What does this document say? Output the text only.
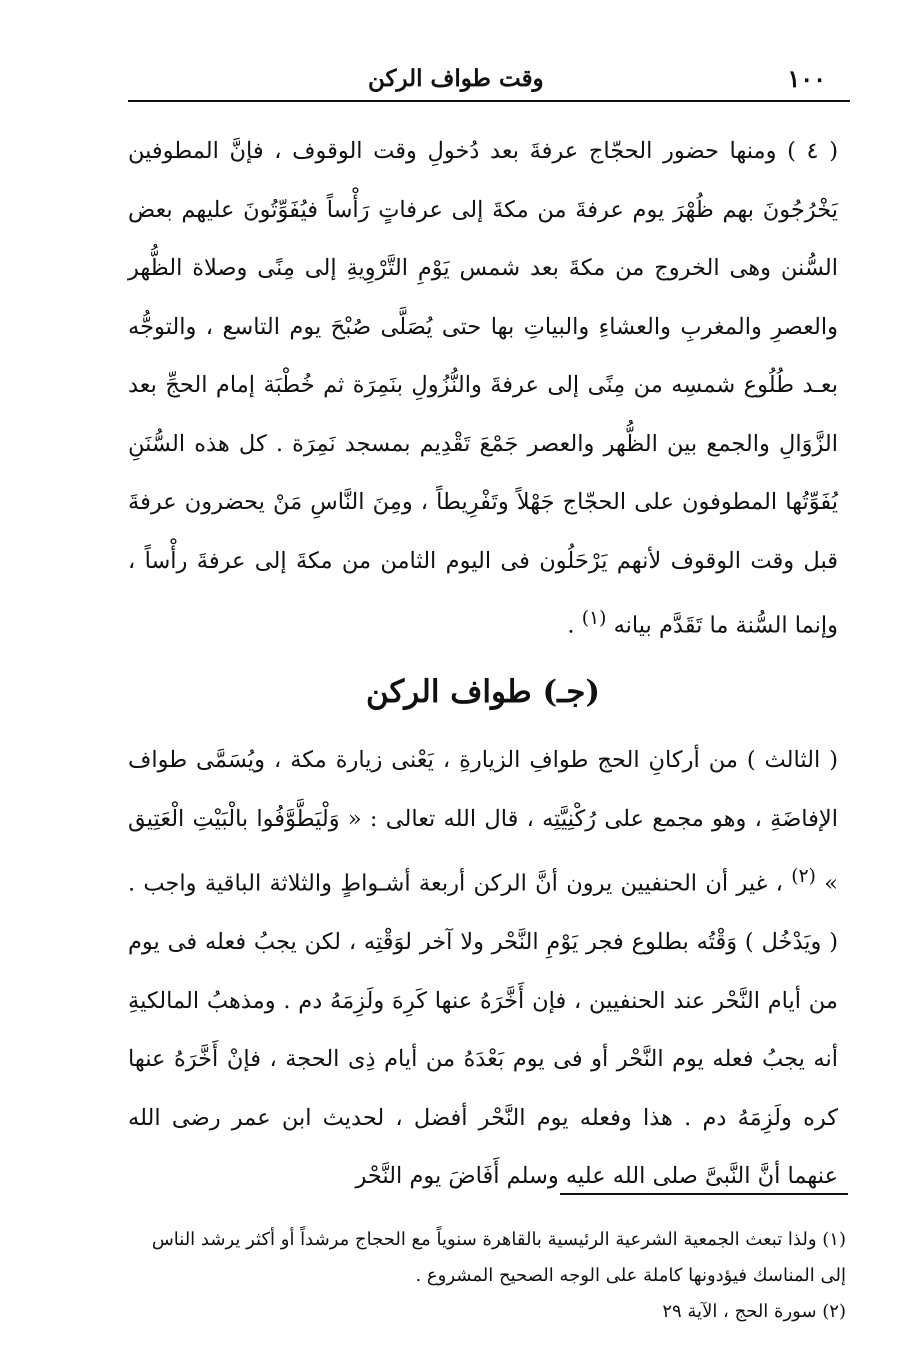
١٠٠
وقت طواف الركن

( ٤ ) ومنها حضور الحجّاج عرفةَ بعد دُخولِ وقت الوقوف ، فإنَّ المطوفين يَخْرُجُونَ بهم ظُهْرَ يوم عرفةَ من مكةَ إلى عرفاتٍ رَأْساً فيُفَوِّتُونَ عليهم بعض السُّنن وهى الخروج من مكةَ بعد شمس يَوْمِ التَّرْوِيةِ إلى مِنًى وصلاة الظُّهر والعصرِ والمغربِ والعشاءِ والبياتِ بها حتى يُصَلَّى صُبْحَ يوم التاسع ، والتوجُّه بعـد طُلُوع شمسِه من مِنًى إلى عرفةَ والنُّزُولِ بنَمِرَة ثم خُطْبَة إمام الحجِّ بعد الزَّوَالِ والجمع بين الظُّهر والعصر جَمْعَ تَقْدِيم بمسجد نَمِرَة . كل هذه السُّنَنِ يُفَوِّتُها المطوفون على الحجّاج جَهْلاً وتَفْرِيطاً ، ومِنَ النَّاسِ مَنْ يحضرون عرفةَ قبل وقت الوقوف لأنهم يَرْحَلُون فى اليوم الثامن من مكةَ إلى عرفةَ رأْساً ، وإنما السُّنة ما تَقَدَّم بيانه $^{(١)}$ .

(جـ) طواف الركن

( الثالث ) من أركانِ الحج طوافِ الزيارةِ ، يَعْنى زيارة مكة ، ويُسَمَّى طواف الإفاضَةِ ، وهو مجمع على رُكْنِيَّتِه ، قال الله تعالى : « وَلْيَطَّوَّفُوا بالْبَيْتِ الْعَتِيق » $^{(٢)}$ ، غير أن الحنفيين يرون أنَّ الركن أربعة أشـواطٍ والثلاثة الباقية واجب . ( ويَدْخُل ) وَقْتُه بطلوع فجر يَوْمِ النَّحْر ولا آخر لوَقْتِه ، لكن يجبُ فعله فى يوم من أيام النَّحْر عند الحنفيين ، فإن أَخَّرَهُ عنها كَرِهَ ولَزِمَهُ دم . ومذهبُ المالكيةِ أنه يجبُ فعله يوم النَّحْر أو فى يوم بَعْدَهُ من أيام ذِى الحجة ، فإنْ أَخَّرَهُ عنها كره ولَزِمَهُ دم . هذا وفعله يوم النَّحْر أفضل ، لحديث ابن عمر رضى الله عنهما أنَّ النَّبىَّ صلى الله عليه وسلم أَفَاضَ يوم النَّحْر

(١) ولذا تبعث الجمعية الشرعية الرئيسية بالقاهرة سنوياً مع الحجاج مرشداً أو أكثر يرشد الناس إلى المناسك فيؤدونها كاملة على الوجه الصحيح المشروع .

(٢) سورة الحج ، الآية ٢٩
